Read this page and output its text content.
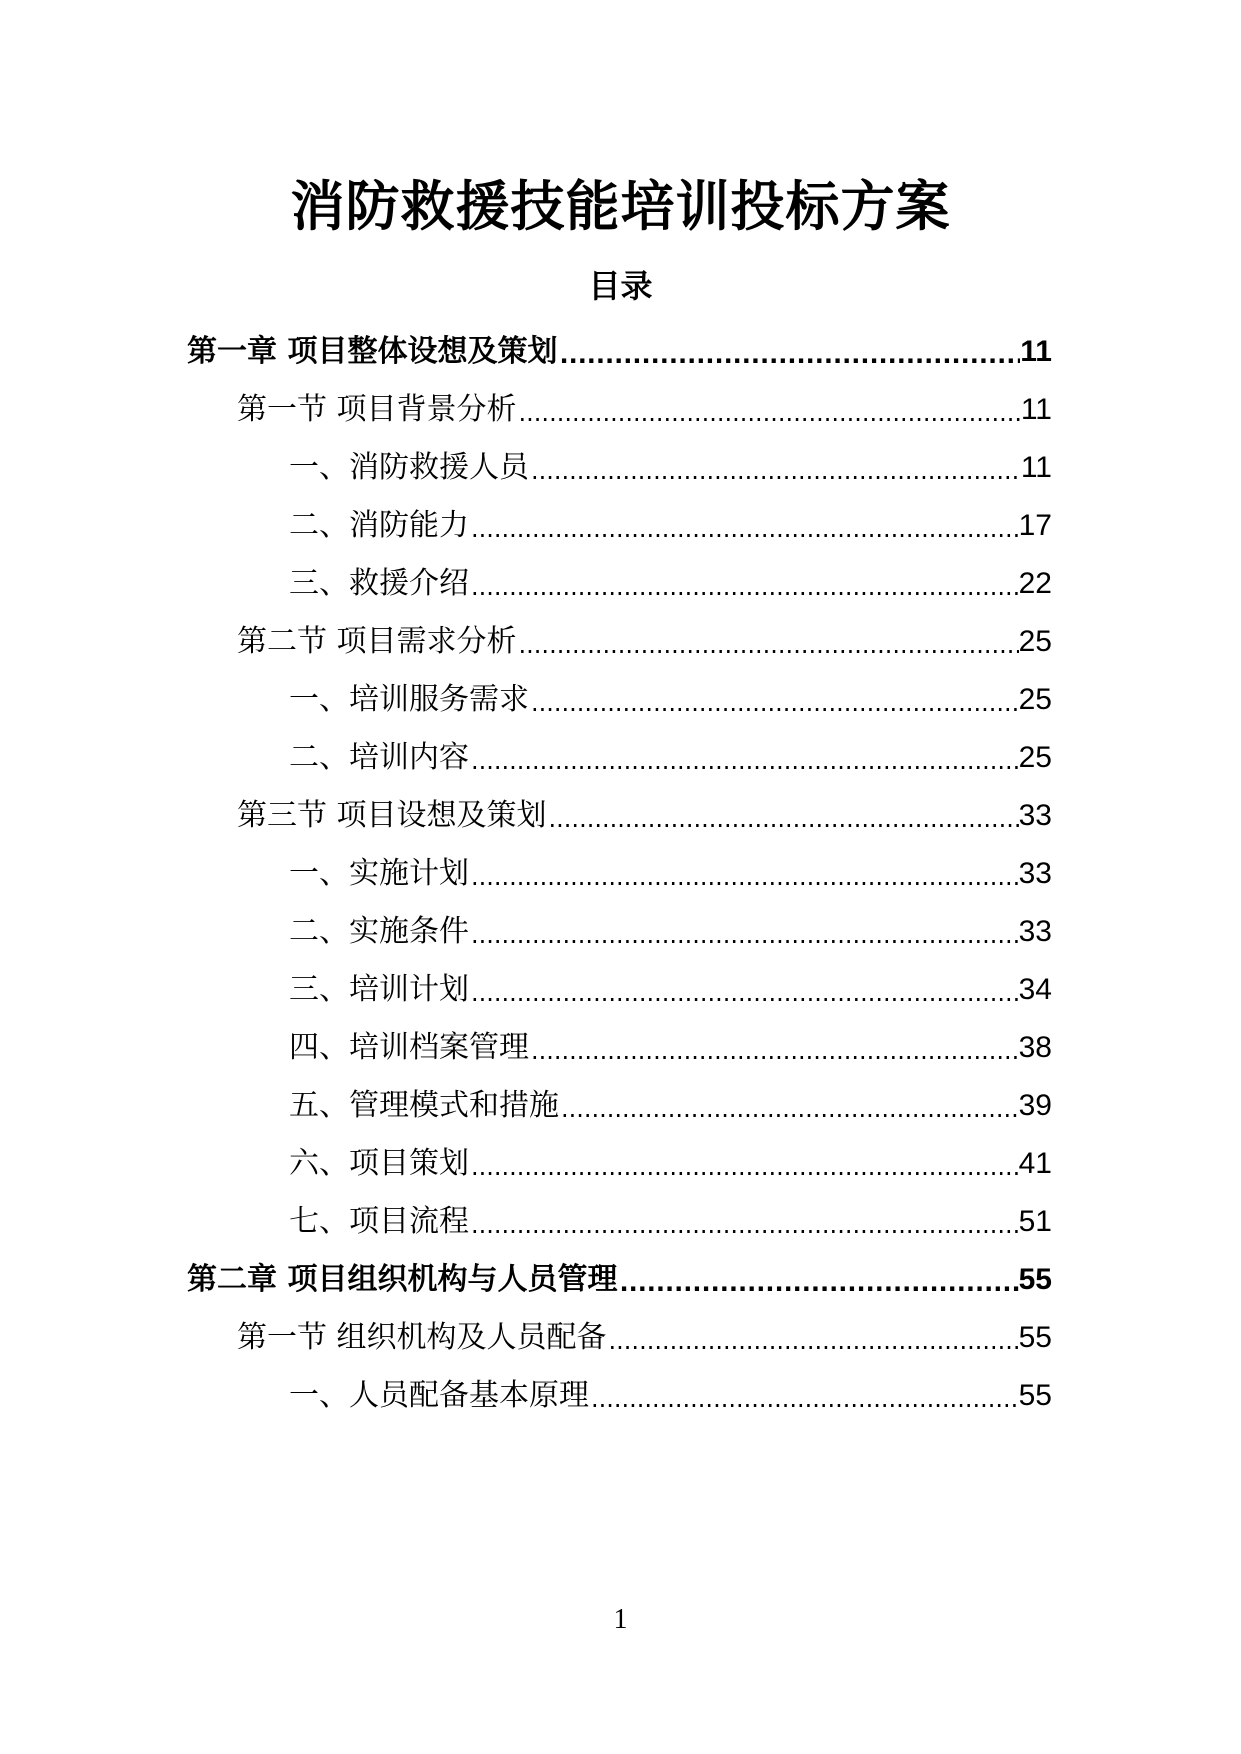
消防救援技能培训投标方案
目录
第一章 项目整体设想及策划 .....	11
第一节 项目背景分析 .....	11
一、消防救援人员 .....	11
二、消防能力 .....	17
三、救援介绍 .....	22
第二节 项目需求分析 .....	25
一、培训服务需求 .....	25
二、培训内容 .....	25
第三节 项目设想及策划 .....	33
一、实施计划 .....	33
二、实施条件 .....	33
三、培训计划 .....	34
四、培训档案管理 .....	38
五、管理模式和措施 .....	39
六、项目策划 .....	41
七、项目流程 .....	51
第二章 项目组织机构与人员管理 .....	55
第一节 组织机构及人员配备 .....	55
一、人员配备基本原理 .....	55
1
